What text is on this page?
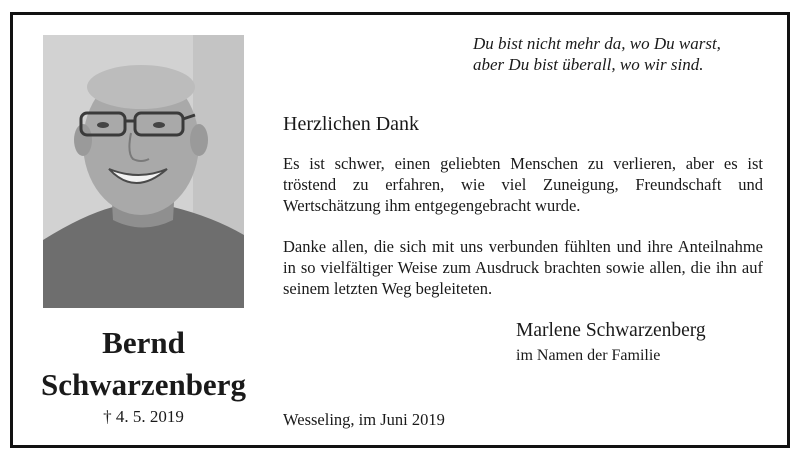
Bernd
Schwarzenberg
† 4. 5. 2019
Du bist nicht mehr da, wo Du warst,
aber Du bist überall, wo wir sind.
Herzlichen Dank
Es ist schwer, einen geliebten Menschen zu verlieren, aber es ist tröstend zu erfahren, wie viel Zuneigung, Freundschaft und Wertschätzung ihm entgegengebracht wurde.
Danke allen, die sich mit uns verbunden fühlten und ihre Anteilnahme in so vielfältiger Weise zum Ausdruck brachten sowie allen, die ihn auf seinem letzten Weg begleiteten.
Marlene Schwarzenberg
im Namen der Familie
Wesseling, im Juni 2019
